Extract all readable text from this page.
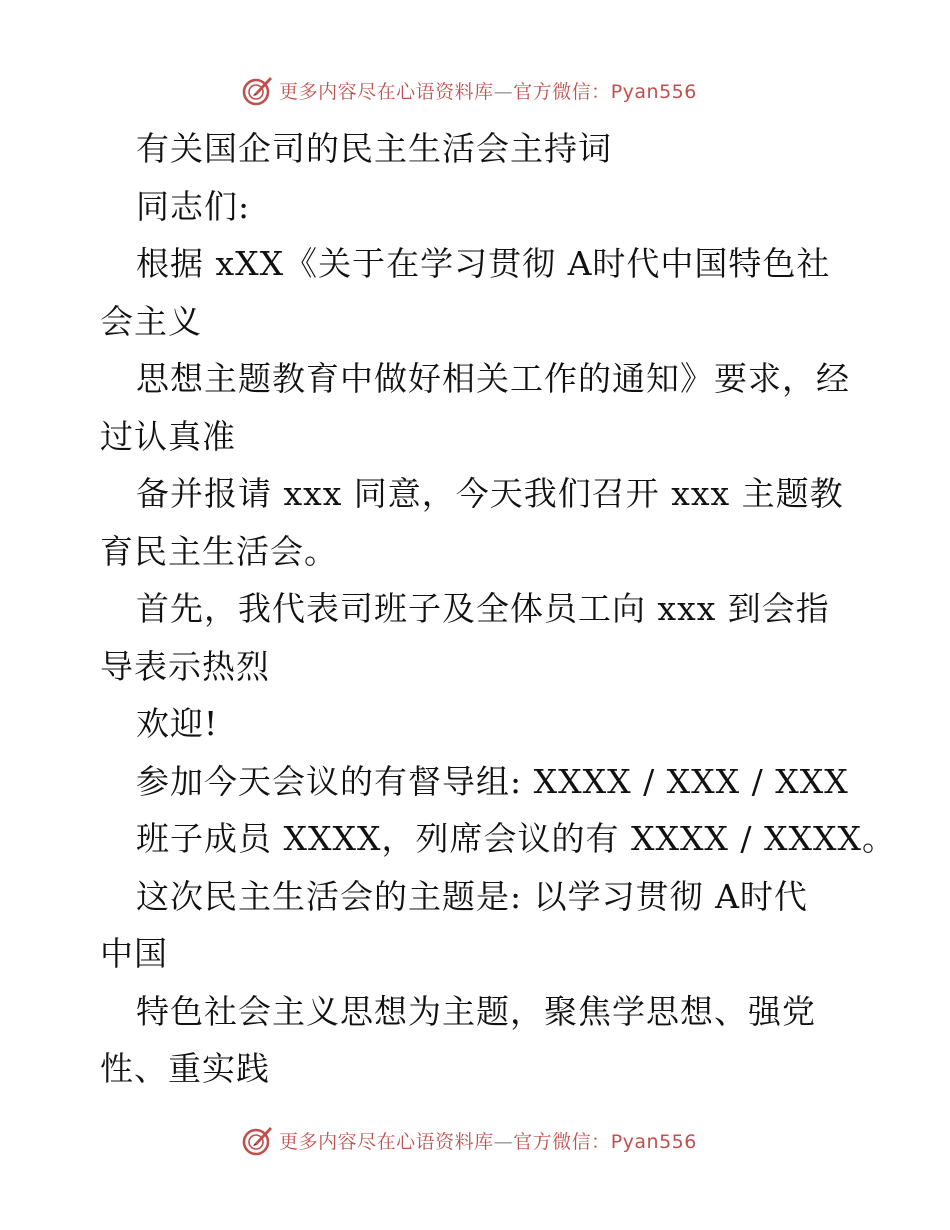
更多内容尽在心语资料库—官方微信：Pyan556
有关国企司的民主生活会主持词
同志们:
根据 xXX《关于在学习贯彻 A时代中国特色社
会主义
思想主题教育中做好相关工作的通知》要求，经
过认真准
备并报请 xxx 同意，今天我们召开 xxx 主题教
育民主生活会。
首先，我代表司班子及全体员工向 xxx 到会指
导表示热烈
欢迎!
参加今天会议的有督导组: XXXX / XXX / XXX
班子成员 XXXX，列席会议的有 XXXX / XXXX。
这次民主生活会的主题是: 以学习贯彻 A时代
中国
特色社会主义思想为主题，聚焦学思想、强党
性、重实践
更多内容尽在心语资料库—官方微信：Pyan556
